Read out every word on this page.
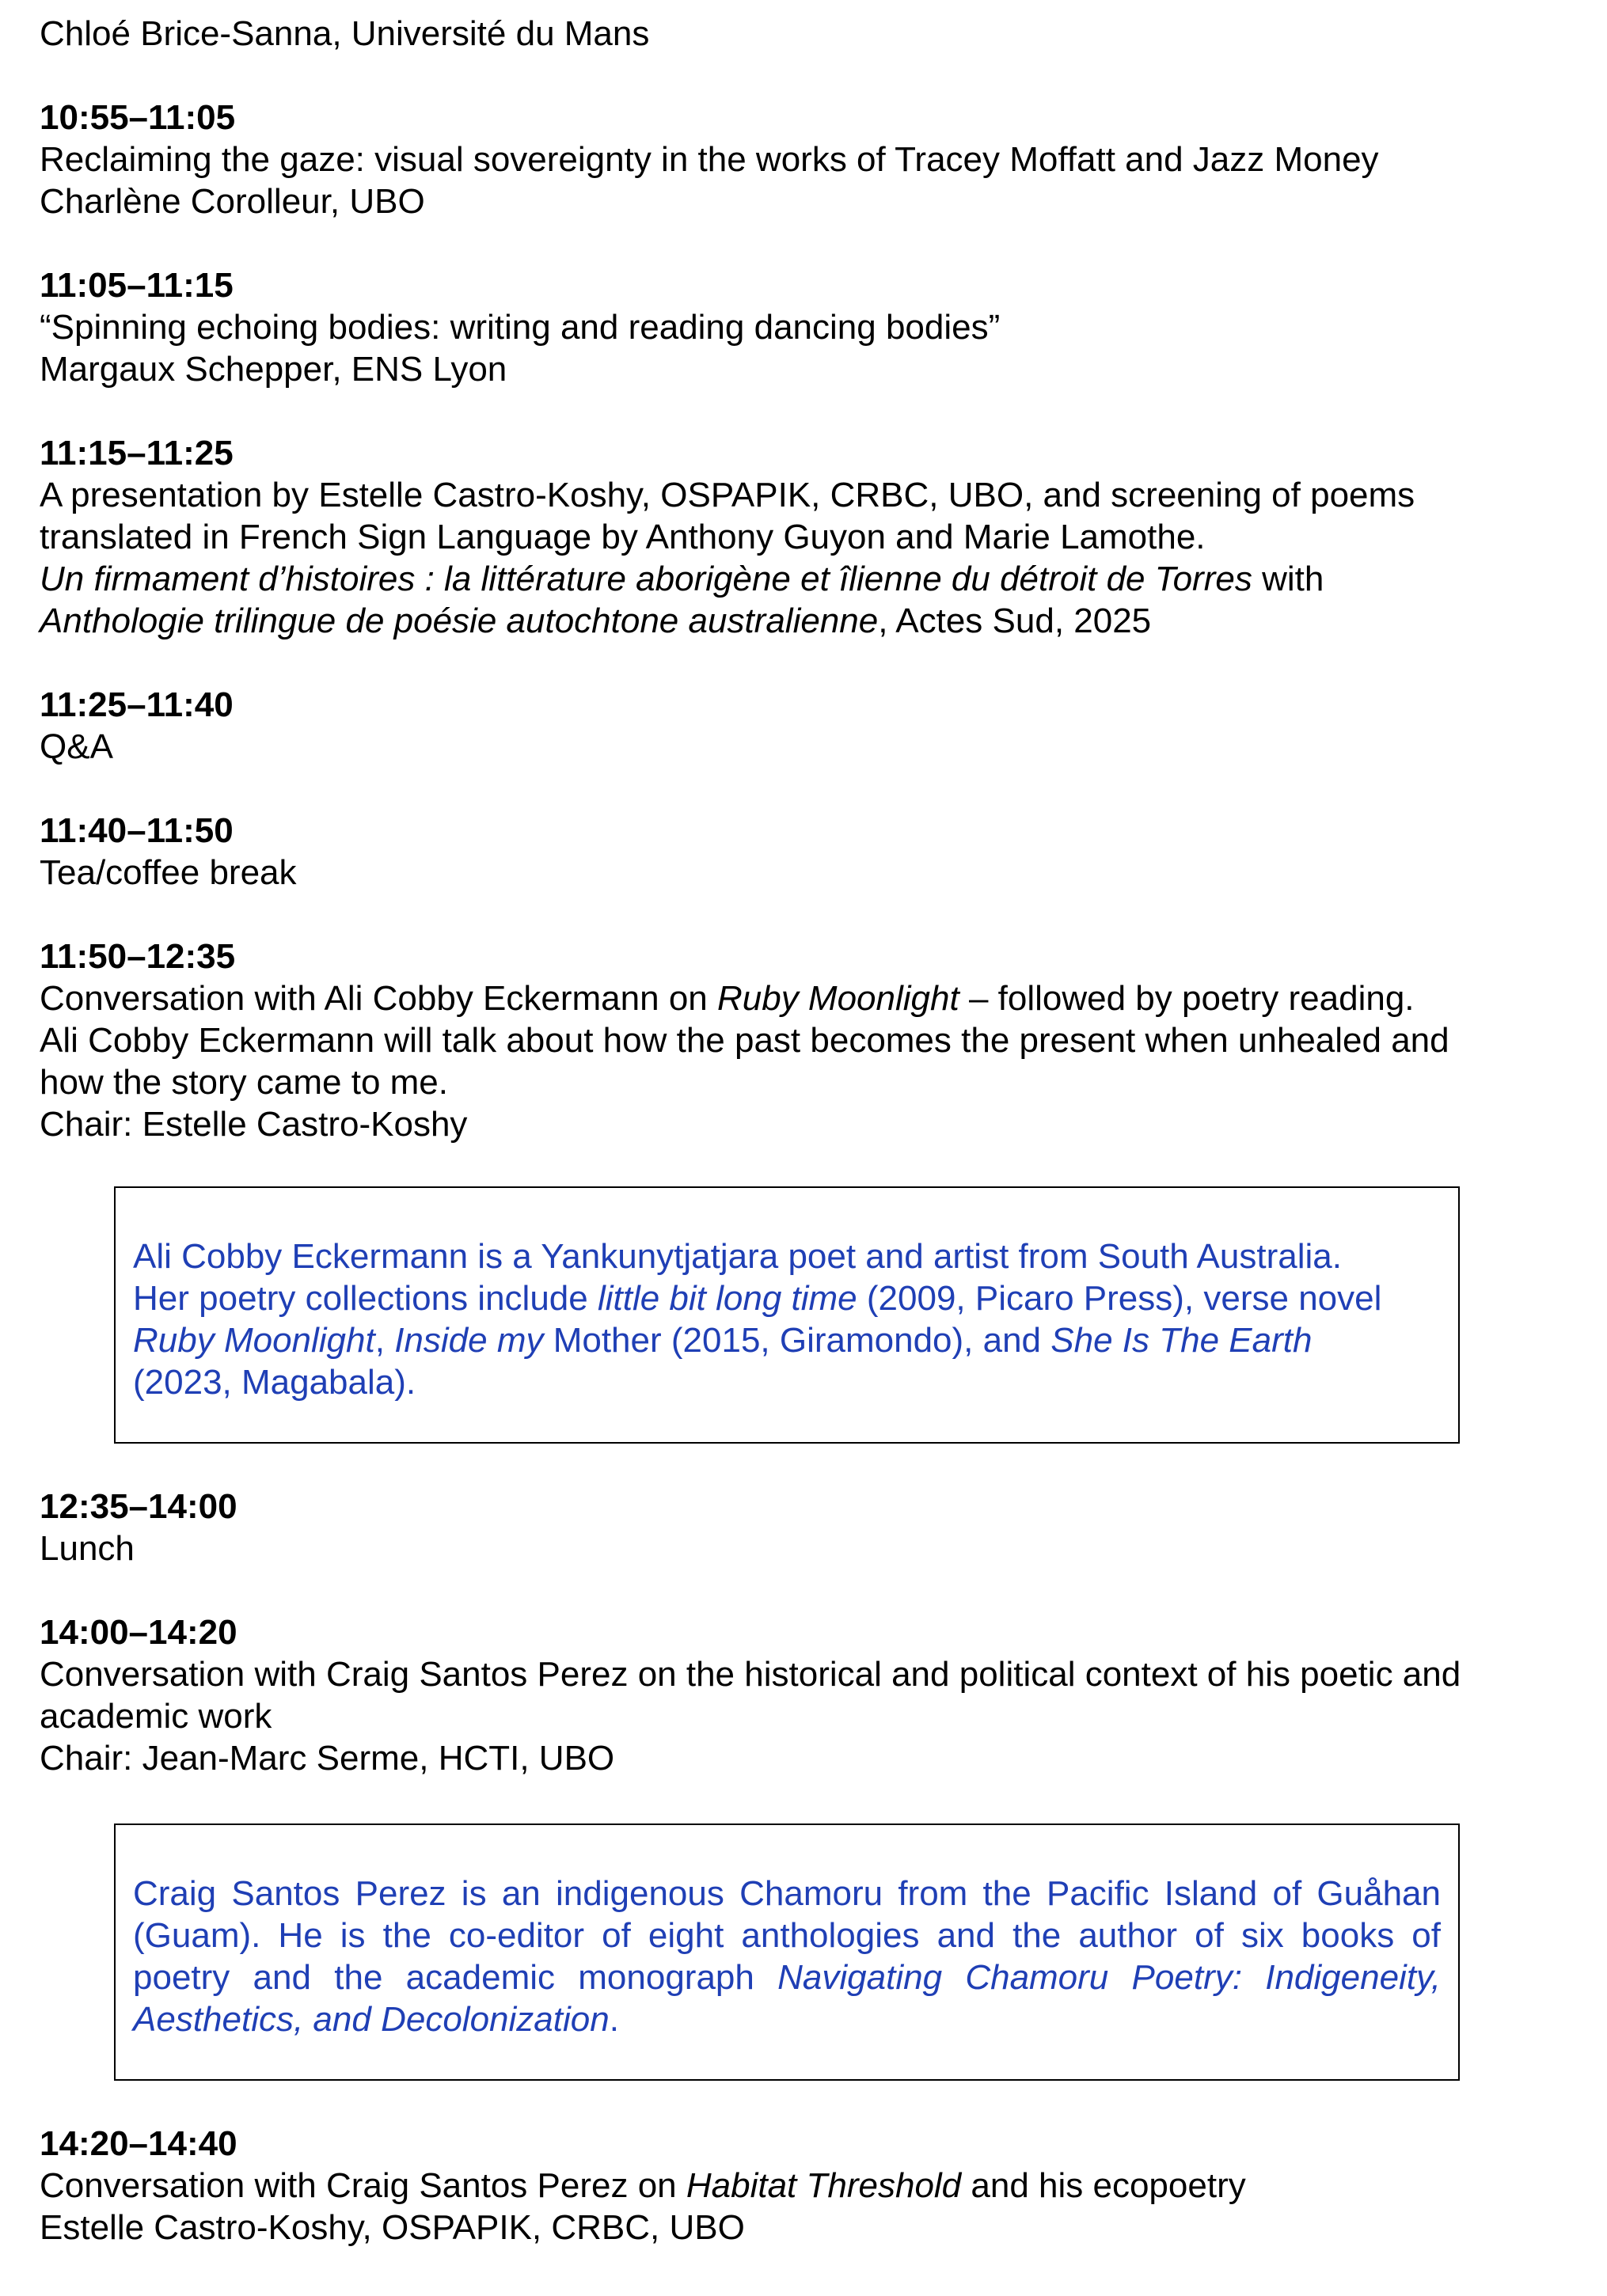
Chloé Brice-Sanna, Université du Mans

10:55–11:05

Reclaiming the gaze: visual sovereignty in the works of Tracey Moffatt and Jazz Money

Charlène Corolleur, UBO

11:05–11:15

“Spinning echoing bodies: writing and reading dancing bodies”

Margaux Schepper, ENS Lyon

11:15–11:25

A presentation by Estelle Castro-Koshy, OSPAPIK, CRBC, UBO, and screening of poems

translated in French Sign Language by Anthony Guyon and Marie Lamothe.

Un firmament d’histoires : la littérature aborigène et îlienne du détroit de Torres with

Anthologie trilingue de poésie autochtone australienne, Actes Sud, 2025

11:25–11:40

Q&A

11:40–11:50

Tea/coffee break

11:50–12:35

Conversation with Ali Cobby Eckermann on Ruby Moonlight – followed by poetry reading.

Ali Cobby Eckermann will talk about how the past becomes the present when unhealed and

how the story came to me.

Chair: Estelle Castro-Koshy

Ali Cobby Eckermann is a Yankunytjatjara poet and artist from South Australia.

Her poetry collections include little bit long time (2009, Picaro Press), verse novel

Ruby Moonlight, Inside my Mother (2015, Giramondo), and She Is The Earth

(2023, Magabala).

12:35–14:00

Lunch

14:00–14:20

Conversation with Craig Santos Perez on the historical and political context of his poetic and

academic work

Chair: Jean-Marc Serme, HCTI, UBO

Craig Santos Perez is an indigenous Chamoru from the Pacific Island of Guåhan

(Guam). He is the co-editor of eight anthologies and the author of six books of

poetry and the academic monograph Navigating Chamoru Poetry: Indigeneity,

Aesthetics, and Decolonization.

14:20–14:40

Conversation with Craig Santos Perez on Habitat Threshold and his ecopoetry

Estelle Castro-Koshy, OSPAPIK, CRBC, UBO
